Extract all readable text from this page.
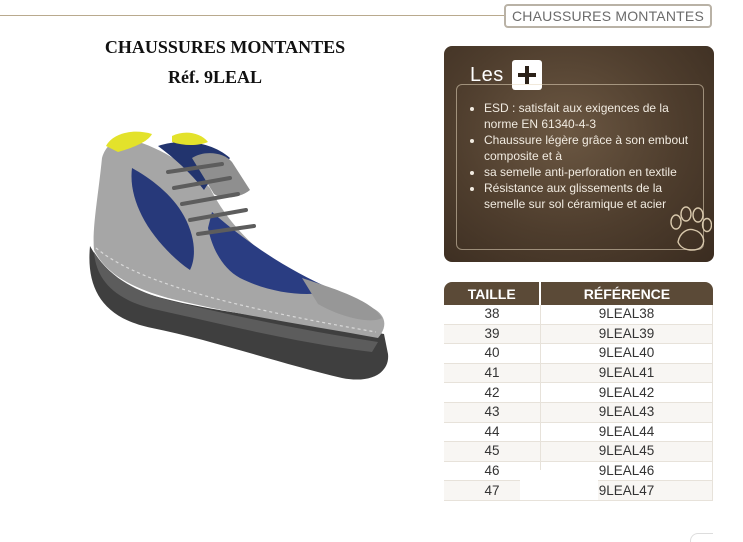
CHAUSSURES MONTANTES
CHAUSSURES MONTANTES
Réf. 9LEAL	Les
• ESD : satisfait aux exigences de la norme EN 61340-4-3
• Chaussure légère grâce à son embout composite et à
• sa semelle anti-perforation en textile
• Résistance aux glissements de la semelle sur sol céramique et acier
TAILLE	RÉFÉRENCE
38	9LEAL38
39	9LEAL39
40	9LEAL40
41	9LEAL41
42	9LEAL42
43	9LEAL43
44	9LEAL44
45	9LEAL45
46	9LEAL46
47	9LEAL47
